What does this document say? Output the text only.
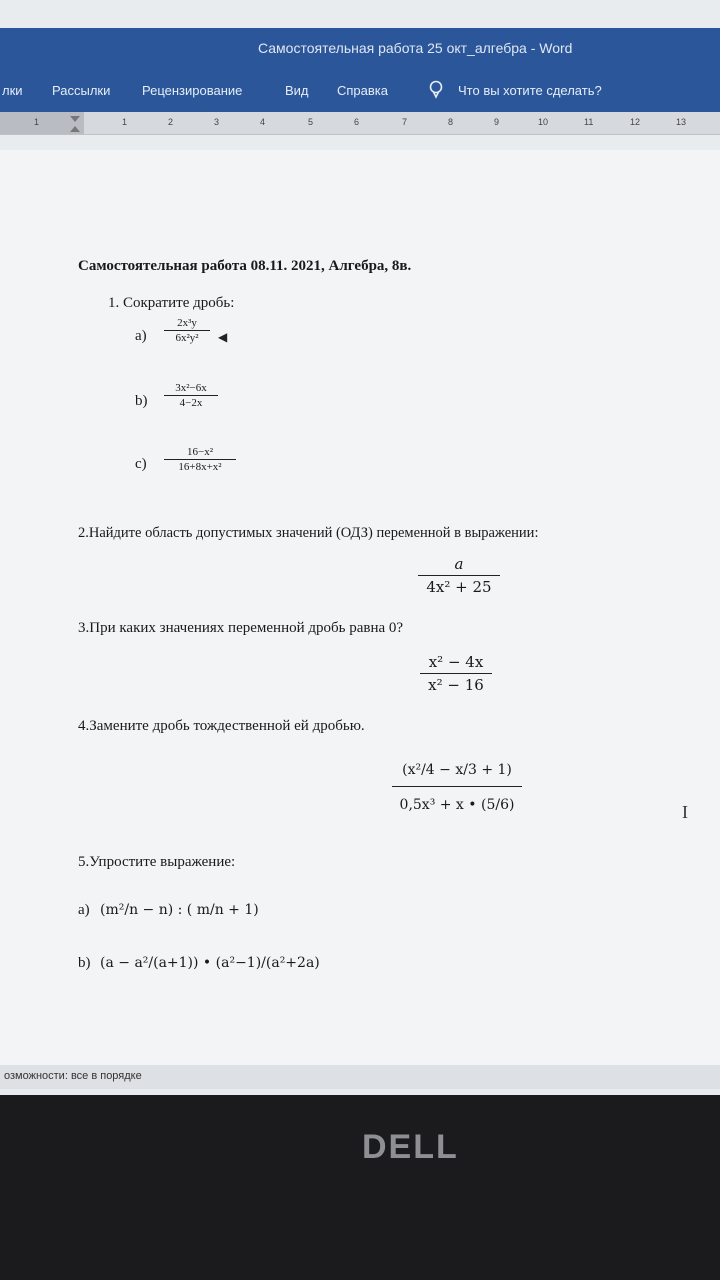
Самостоятельная работа 25 окт_алгебра - Word
лки Рассылки Рецензирование	Вид Справка	Что вы хотите сделать?
1	1	2	3	4	5	6	7	8	9	10	11	12	13
◀
Самостоятельная работа 08.11. 2021, Алгебра, 8в.
1. Сократите дробь:
a)
2x³y
6x²y²
b)
3x²−6x
4−2x
c)
16−x²
16+8x+x²
2.Найдите область допустимых значений (ОДЗ) переменной в выражении:
a
4x² + 25
3.При каких значениях переменной дробь равна 0?
x² − 4x
x² − 16
4.Замените дробь тождественной ей дробью.
(x²/4 − x/3 + 1)
0,5x³ + x • (5/6)
5.Упростите выражение:
a) (m²/n − n) : ( m/n + 1)
b) (a − a²/(a+1)) • (a²−1)/(a²+2a)
I
озможности: все в порядке
DELL
